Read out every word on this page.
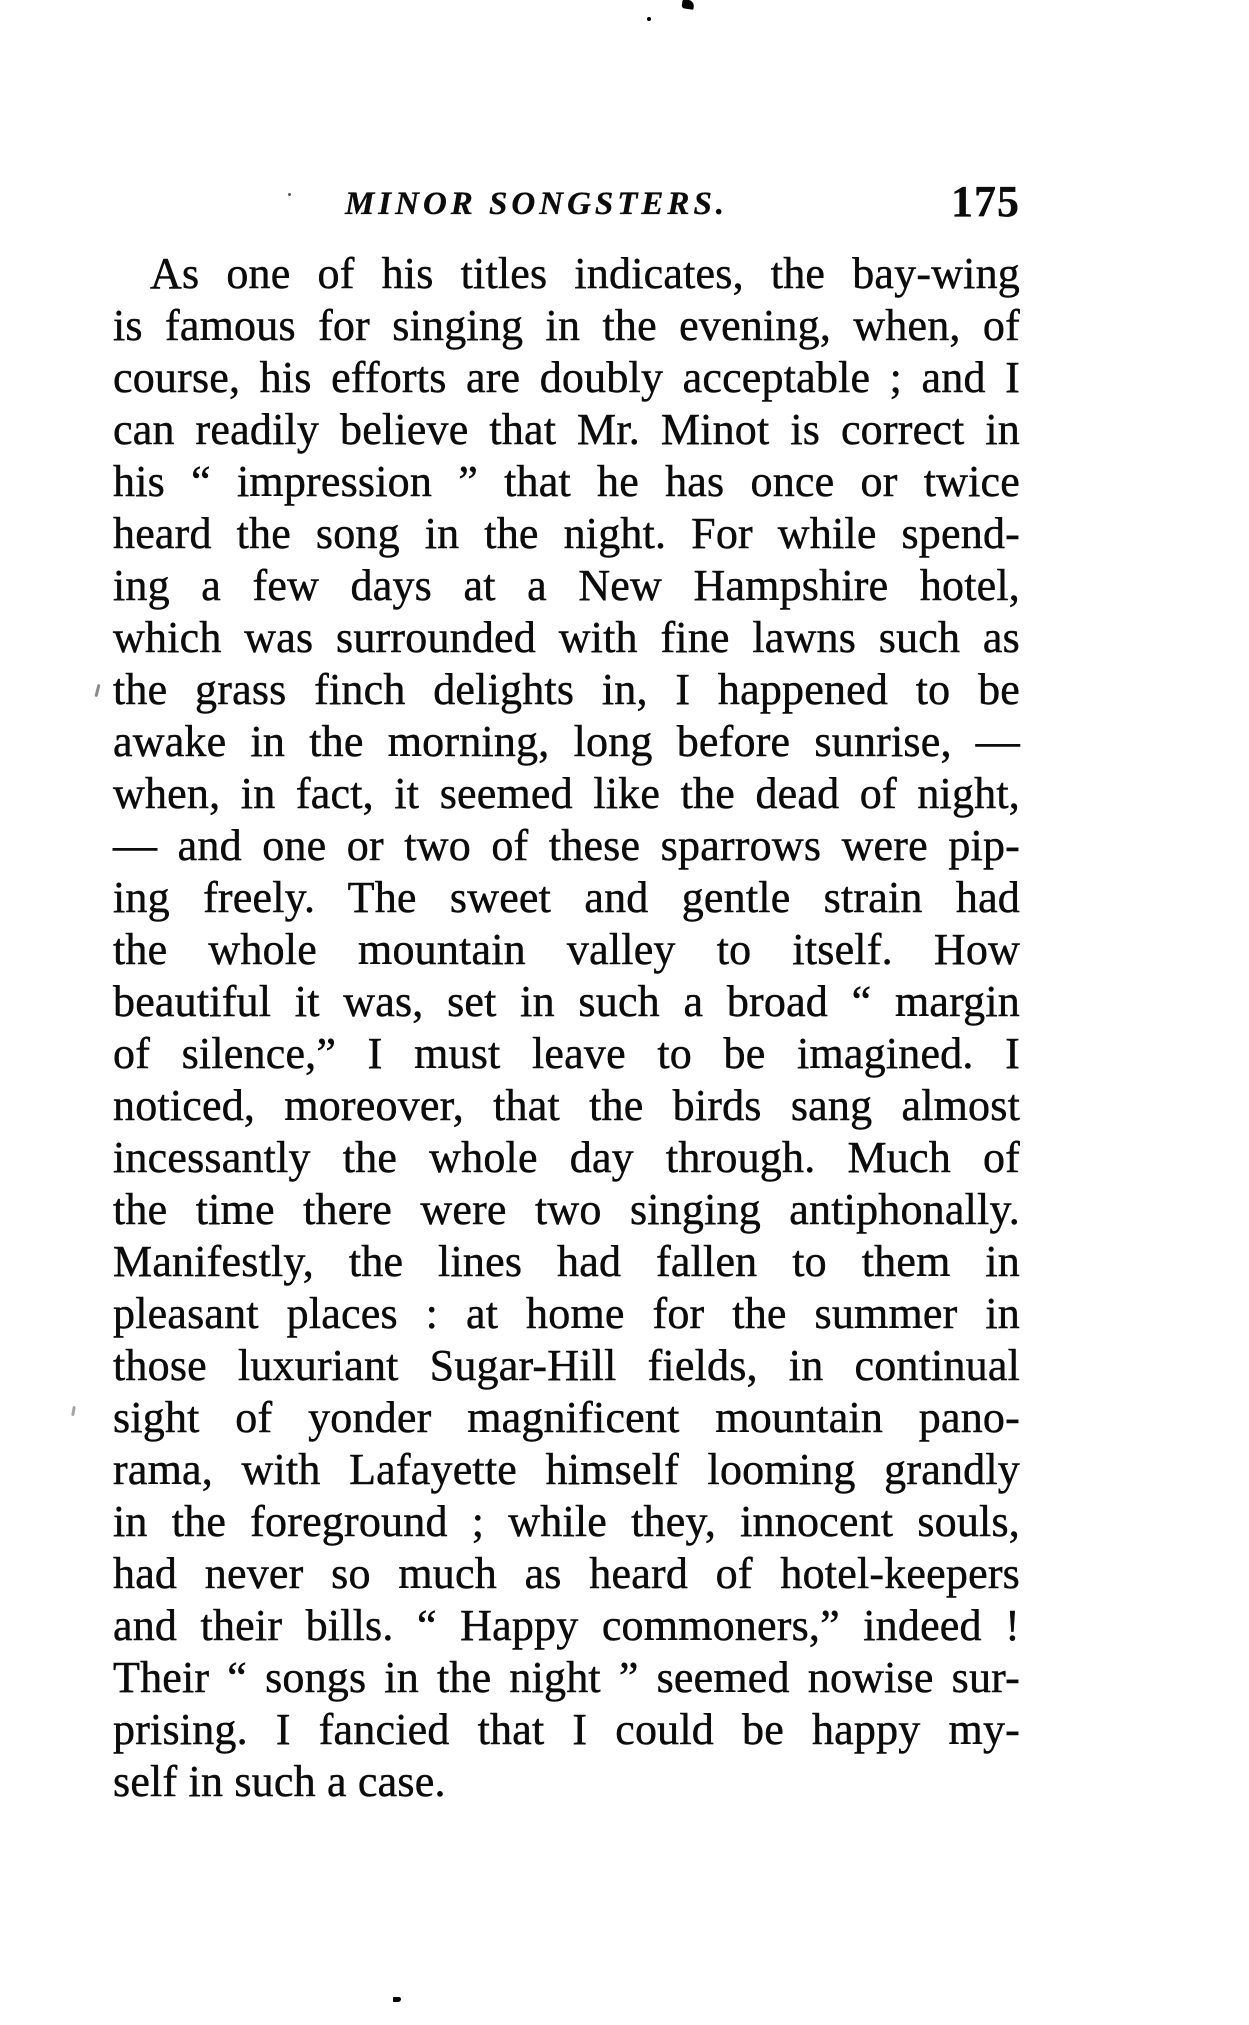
MINOR SONGSTERS.	175
As one of his titles indicates, the bay-wing
is famous for singing in the evening, when, of
course, his efforts are doubly acceptable ; and I
can readily believe that Mr. Minot is correct in
his “ impression ” that he has once or twice
heard the song in the night. For while spend-
ing a few days at a New Hampshire hotel,
which was surrounded with fine lawns such as
the grass finch delights in, I happened to be
awake in the morning, long before sunrise, —
when, in fact, it seemed like the dead of night,
— and one or two of these sparrows were pip-
ing freely. The sweet and gentle strain had
the whole mountain valley to itself. How
beautiful it was, set in such a broad “ margin
of silence,” I must leave to be imagined. I
noticed, moreover, that the birds sang almost
incessantly the whole day through. Much of
the time there were two singing antiphonally.
Manifestly, the lines had fallen to them in
pleasant places : at home for the summer in
those luxuriant Sugar-Hill fields, in continual
sight of yonder magnificent mountain pano-
rama, with Lafayette himself looming grandly
in the foreground ; while they, innocent souls,
had never so much as heard of hotel-keepers
and their bills. “ Happy commoners,” indeed !
Their “ songs in the night ” seemed nowise sur-
prising. I fancied that I could be happy my-
self in such a case.
